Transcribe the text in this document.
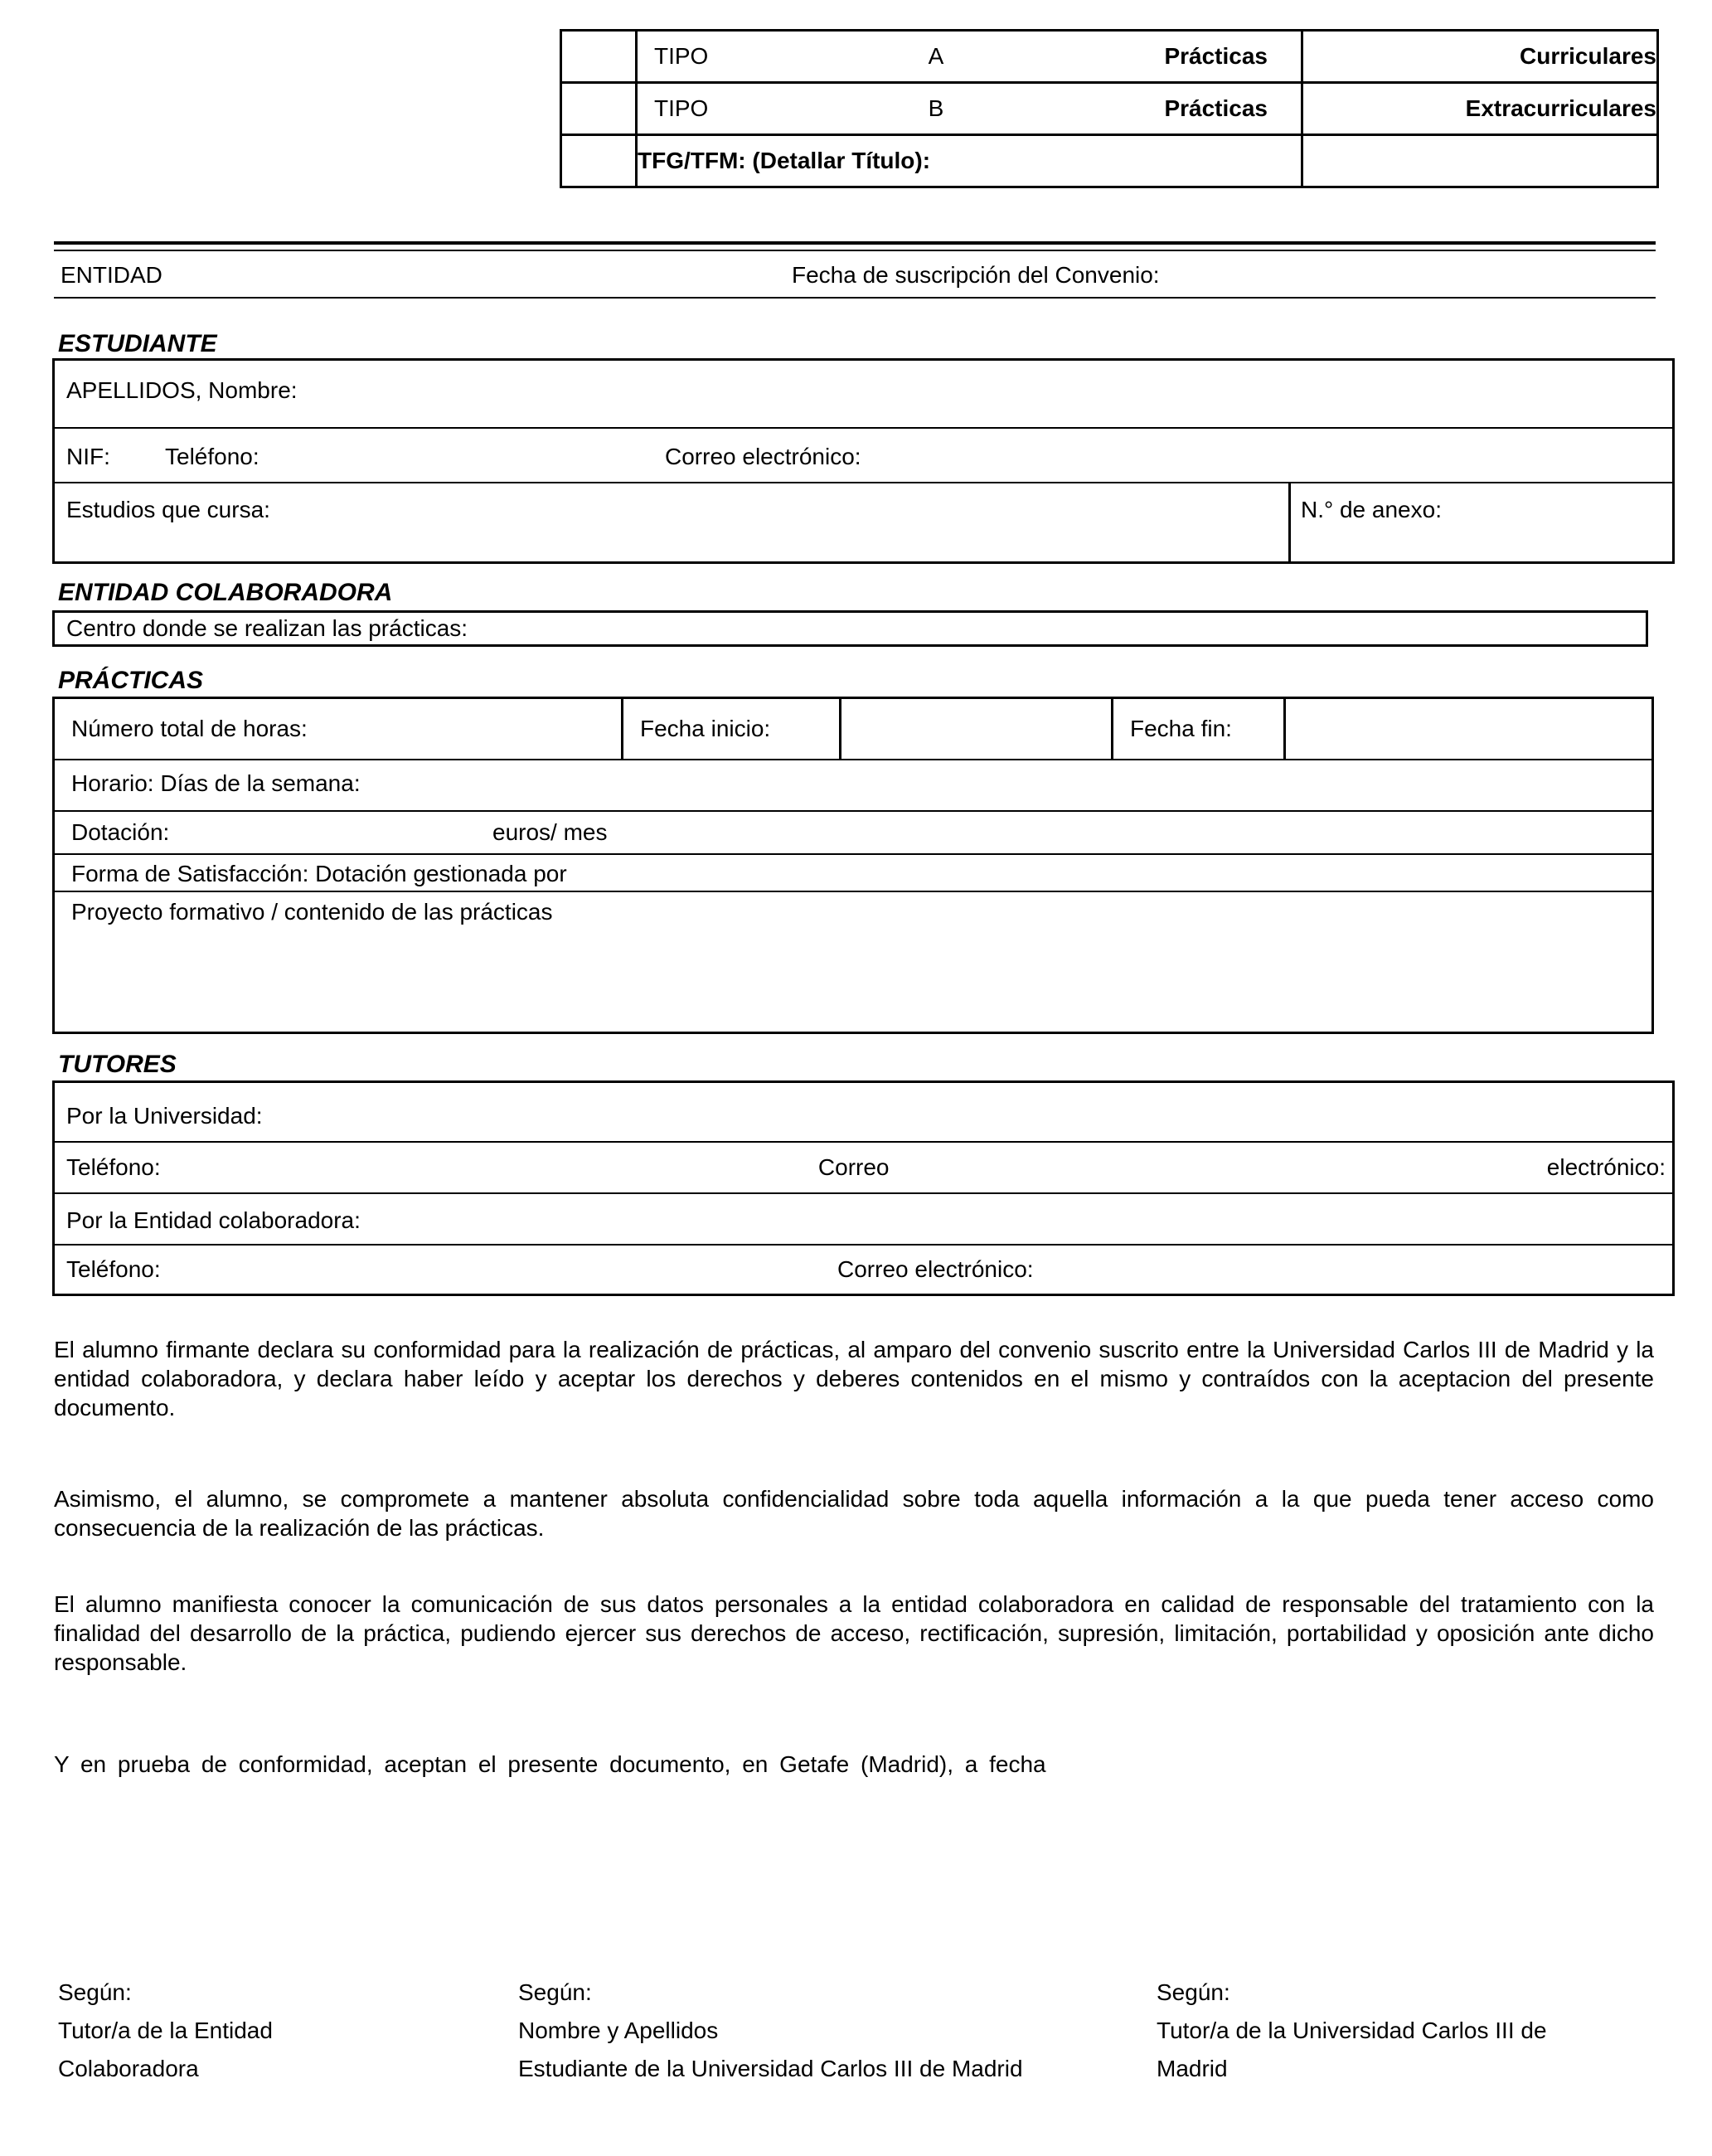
	TIPO A Prácticas	Curriculares

	TIPO B Prácticas	Extracurriculares
	TFG/TFM: (Detallar Título):	
ENTIDAD	Fecha de suscripción del Convenio:
ESTUDIANTE
APELLIDOS, Nombre:
NIF: Teléfono:	Correo electrónico:
Estudios que cursa:	N.° de anexo:
ENTIDAD COLABORADORA
Centro donde se realizan las prácticas:
PRÁCTICAS
Número total de horas:	Fecha inicio:	Fecha fin:
Horario: Días de la semana:
Dotación:	euros/ mes
Forma de Satisfacción: Dotación gestionada por
Proyecto formativo / contenido de las prácticas
TUTORES
Por la Universidad:
Teléfono:	Correo	electrónico:
Por la Entidad colaboradora:
Teléfono:	Correo electrónico:
El alumno firmante declara su conformidad para la realización de prácticas, al amparo del convenio suscrito entre la Universidad Carlos III de Madrid y la entidad colaboradora, y declara haber leído y aceptar los derechos y deberes contenidos en el mismo y contraídos con la aceptacion del presente documento.
Asimismo, el alumno, se compromete a mantener absoluta confidencialidad sobre toda aquella información a la que pueda tener acceso como consecuencia de la realización de las prácticas.
El alumno manifiesta conocer la comunicación de sus datos personales a la entidad colaboradora en calidad de responsable del tratamiento con la finalidad del desarrollo de la práctica, pudiendo ejercer sus derechos de acceso, rectificación, supresión, limitación, portabilidad y oposición ante dicho responsable.
Y en prueba de conformidad, aceptan el presente documento, en Getafe (Madrid), a fecha
Según:
Tutor/a de la Entidad Colaboradora
Según:
Nombre y Apellidos
Estudiante de la Universidad Carlos III de Madrid
Según:
Tutor/a de la Universidad Carlos III de Madrid
